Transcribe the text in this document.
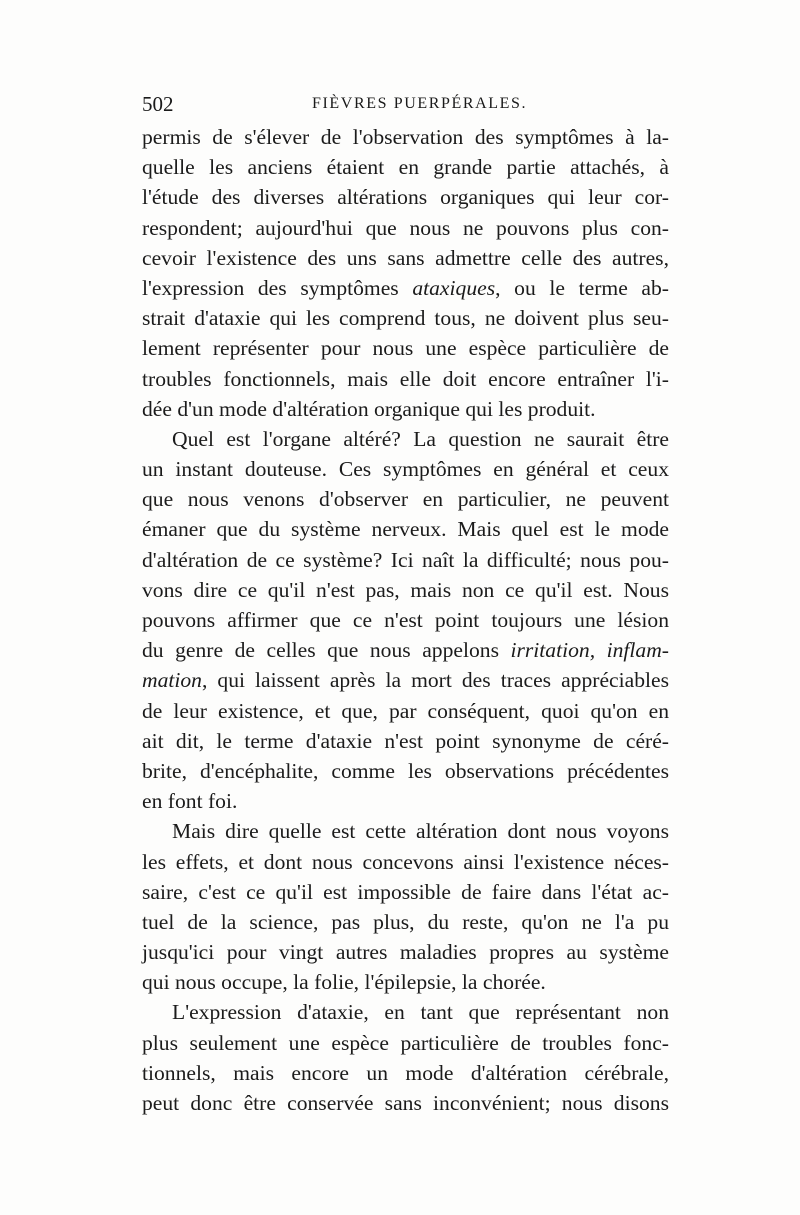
502	FIÈVRES PUERPÉRALES.
permis de s'élever de l'observation des symptômes à la-
quelle les anciens étaient en grande partie attachés, à
l'étude des diverses altérations organiques qui leur cor-
respondent; aujourd'hui que nous ne pouvons plus con-
cevoir l'existence des uns sans admettre celle des autres,
l'expression des symptômes ataxiques, ou le terme ab-
strait d'ataxie qui les comprend tous, ne doivent plus seu-
lement représenter pour nous une espèce particulière de
troubles fonctionnels, mais elle doit encore entraîner l'i-
dée d'un mode d'altération organique qui les produit.
Quel est l'organe altéré? La question ne saurait être
un instant douteuse. Ces symptômes en général et ceux
que nous venons d'observer en particulier, ne peuvent
émaner que du système nerveux. Mais quel est le mode
d'altération de ce système? Ici naît la difficulté; nous pou-
vons dire ce qu'il n'est pas, mais non ce qu'il est. Nous
pouvons affirmer que ce n'est point toujours une lésion
du genre de celles que nous appelons irritation, inflam-
mation, qui laissent après la mort des traces appréciables
de leur existence, et que, par conséquent, quoi qu'on en
ait dit, le terme d'ataxie n'est point synonyme de céré-
brite, d'encéphalite, comme les observations précédentes
en font foi.
Mais dire quelle est cette altération dont nous voyons
les effets, et dont nous concevons ainsi l'existence néces-
saire, c'est ce qu'il est impossible de faire dans l'état ac-
tuel de la science, pas plus, du reste, qu'on ne l'a pu
jusqu'ici pour vingt autres maladies propres au système
qui nous occupe, la folie, l'épilepsie, la chorée.
L'expression d'ataxie, en tant que représentant non
plus seulement une espèce particulière de troubles fonc-
tionnels, mais encore un mode d'altération cérébrale,
peut donc être conservée sans inconvénient; nous disons
